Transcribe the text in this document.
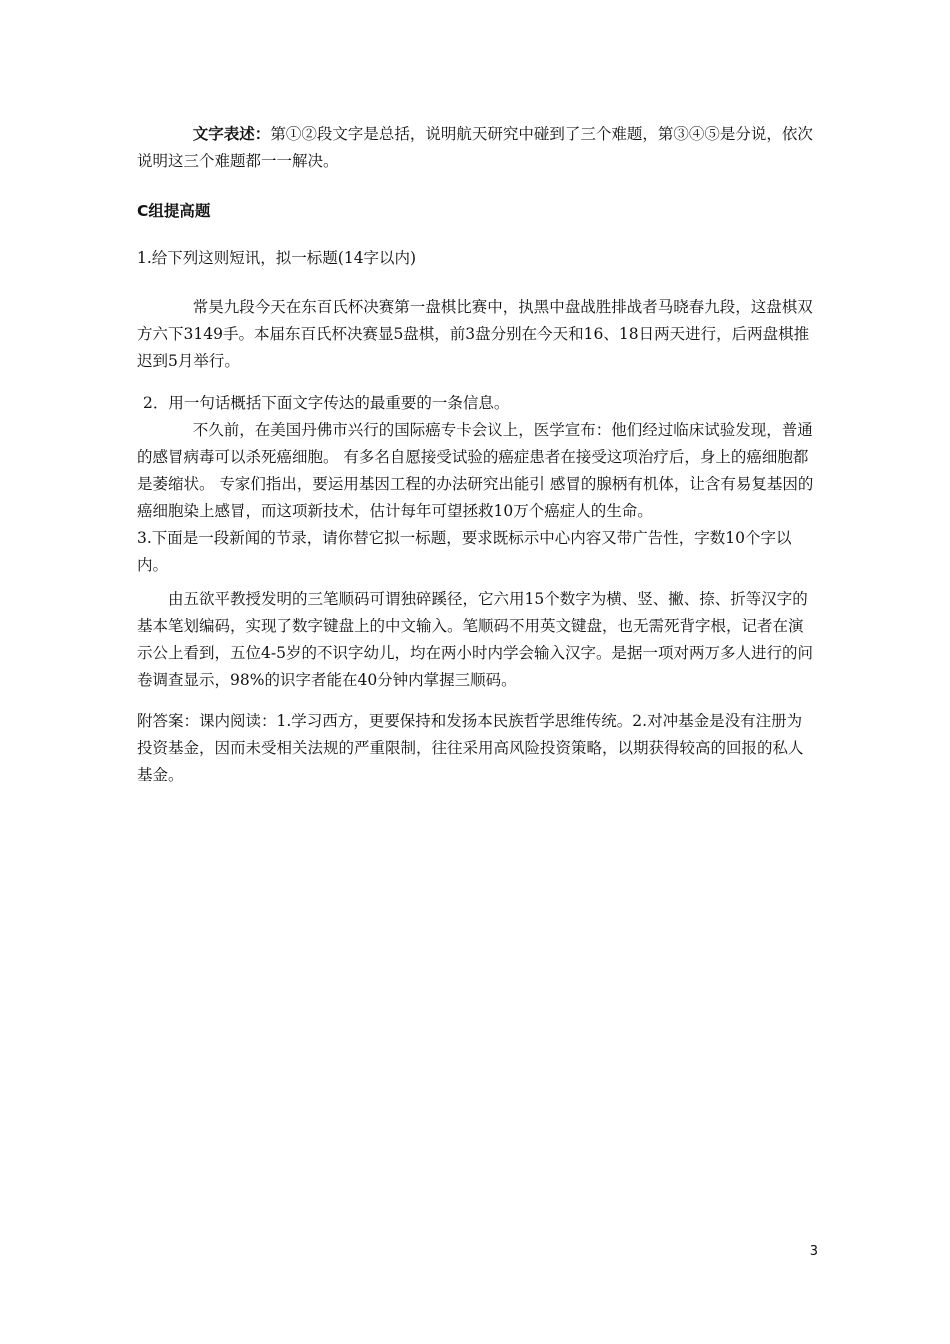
文字表述：第①②段文字是总括，说明航天研究中碰到了三个难题，第③④⑤是分说，依次说明这三个难题都一一解决。

C组提高题

1.给下列这则短讯，拟一标题(14字以内)

常昊九段今天在东百氏杯决赛第一盘棋比赛中，执黑中盘战胜排战者马晓春九段，这盘棋双方六下3149手。本届东百氏杯决赛显5盘棋，前3盘分别在今天和16、18日两天进行，后两盘棋推迟到5月举行。

2．用一句话概括下面文字传达的最重要的一条信息。

不久前，在美国丹佛市兴行的国际癌专卡会议上，医学宣布：他们经过临床试验发现，普通的感冒病毒可以杀死癌细胞。 有多名自愿接受试验的癌症患者在接受这项治疗后，身上的癌细胞都是萎缩状。 专家们指出，要运用基因工程的办法研究出能引 感冒的腺柄有机体，让含有易复基因的癌细胞染上感冒，而这项新技术，估计每年可望拯救10万个癌症人的生命。

3.下面是一段新闻的节录，请你替它拟一标题，要求既标示中心内容又带广告性，字数10个字以内。

由五欲平教授发明的三笔顺码可谓独碎蹊径，它六用15个数字为横、竖、撇、捺、折等汉字的基本笔划编码，实现了数字键盘上的中文输入。笔顺码不用英文键盘，也无需死背字根，记者在演示公上看到，五位4-5岁的不识字幼儿，均在两小时内学会输入汉字。是据一项对两万多人进行的问卷调查显示，98%的识字者能在40分钟内掌握三顺码。

附答案：课内阅读：1.学习西方，更要保持和发扬本民族哲学思维传统。2.对冲基金是没有注册为投资基金，因而未受相关法规的严重限制，往往采用高风险投资策略，以期获得较高的回报的私人基金。

3
